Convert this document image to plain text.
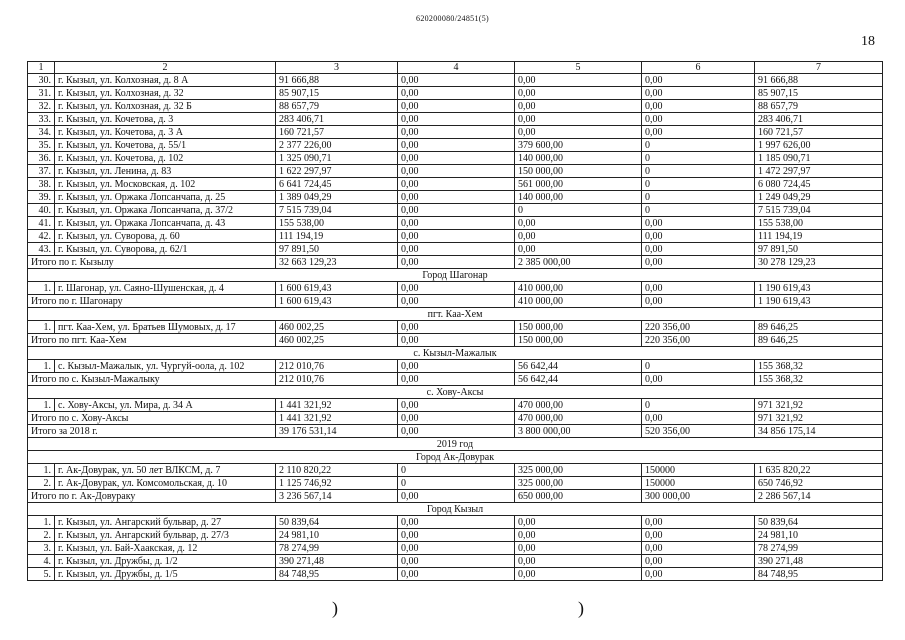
620200080/24851(5)
18
1	2	3	4	5	6	7
30.	г. Кызыл, ул. Колхозная, д. 8 А	91 666,88	0,00	0,00	0,00	91 666,88
31.	г. Кызыл, ул. Колхозная, д. 32	85 907,15	0,00	0,00	0,00	85 907,15
32.	г. Кызыл, ул. Колхозная, д. 32 Б	88 657,79	0,00	0,00	0,00	88 657,79
33.	г. Кызыл, ул. Кочетова, д. 3	283 406,71	0,00	0,00	0,00	283 406,71
34.	г. Кызыл, ул. Кочетова, д. 3 А	160 721,57	0,00	0,00	0,00	160 721,57
35.	г. Кызыл, ул. Кочетова, д. 55/1	2 377 226,00	0,00	379 600,00	0	1 997 626,00
36.	г. Кызыл, ул. Кочетова, д. 102	1 325 090,71	0,00	140 000,00	0	1 185 090,71
37.	г. Кызыл, ул. Ленина, д. 83	1 622 297,97	0,00	150 000,00	0	1 472 297,97
38.	г. Кызыл, ул. Московская, д. 102	6 641 724,45	0,00	561 000,00	0	6 080 724,45
39.	г. Кызыл, ул. Оржака Лопсанчапа, д. 25	1 389 049,29	0,00	140 000,00	0	1 249 049,29
40.	г. Кызыл, ул. Оржака Лопсанчапа, д. 37/2	7 515 739,04	0,00	0	0	7 515 739,04
41.	г. Кызыл, ул. Оржака Лопсанчапа, д. 43	155 538,00	0,00	0,00	0,00	155 538,00
42.	г. Кызыл, ул. Суворова, д. 60	111 194,19	0,00	0,00	0,00	111 194,19
43.	г. Кызыл, ул. Суворова, д. 62/1	97 891,50	0,00	0,00	0,00	97 891,50
Итого по г. Кызылу		32 663 129,23	0,00	2 385 000,00	0,00	30 278 129,23
Город Шагонар						
1.	г. Шагонар, ул. Саяно-Шушенская, д. 4	1 600 619,43	0,00	410 000,00	0,00	1 190 619,43
Итого по г. Шагонару		1 600 619,43	0,00	410 000,00	0,00	1 190 619,43
пгт. Каа-Хем						
1.	пгт. Каа-Хем, ул. Братьев Шумовых, д. 17	460 002,25	0,00	150 000,00	220 356,00	89 646,25
Итого по пгт. Каа-Хем		460 002,25	0,00	150 000,00	220 356,00	89 646,25
с. Кызыл-Мажалык						
1.	с. Кызыл-Мажалык, ул. Чургуй-оола, д. 102	212 010,76	0,00	56 642,44	0	155 368,32
Итого по с. Кызыл-Мажалыку		212 010,76	0,00	56 642,44	0,00	155 368,32
с. Хову-Аксы						
1.	с. Хову-Аксы, ул. Мира, д. 34 А	1 441 321,92	0,00	470 000,00	0	971 321,92
Итого по с. Хову-Аксы		1 441 321,92	0,00	470 000,00	0,00	971 321,92
Итого за 2018 г.		39 176 531,14	0,00	3 800 000,00	520 356,00	34 856 175,14
2019 год						
Город Ак-Довурак						
1.	г. Ак-Довурак, ул. 50 лет ВЛКСМ, д. 7	2 110 820,22	0	325 000,00	150000	1 635 820,22
2.	г. Ак-Довурак, ул. Комсомольская, д. 10	1 125 746,92	0	325 000,00	150000	650 746,92
Итого по г. Ак-Довураку		3 236 567,14	0,00	650 000,00	300 000,00	2 286 567,14
Город Кызыл						
1.	г. Кызыл, ул. Ангарский бульвар, д. 27	50 839,64	0,00	0,00	0,00	50 839,64
2.	г. Кызыл, ул. Ангарский бульвар, д. 27/3	24 981,10	0,00	0,00	0,00	24 981,10
3.	г. Кызыл, ул. Бай-Хаакская, д. 12	78 274,99	0,00	0,00	0,00	78 274,99
4.	г. Кызыл, ул. Дружбы, д. 1/2	390 271,48	0,00	0,00	0,00	390 271,48
5.	г. Кызыл, ул. Дружбы, д. 1/5	84 748,95	0,00	0,00	0,00	84 748,95
)	)
